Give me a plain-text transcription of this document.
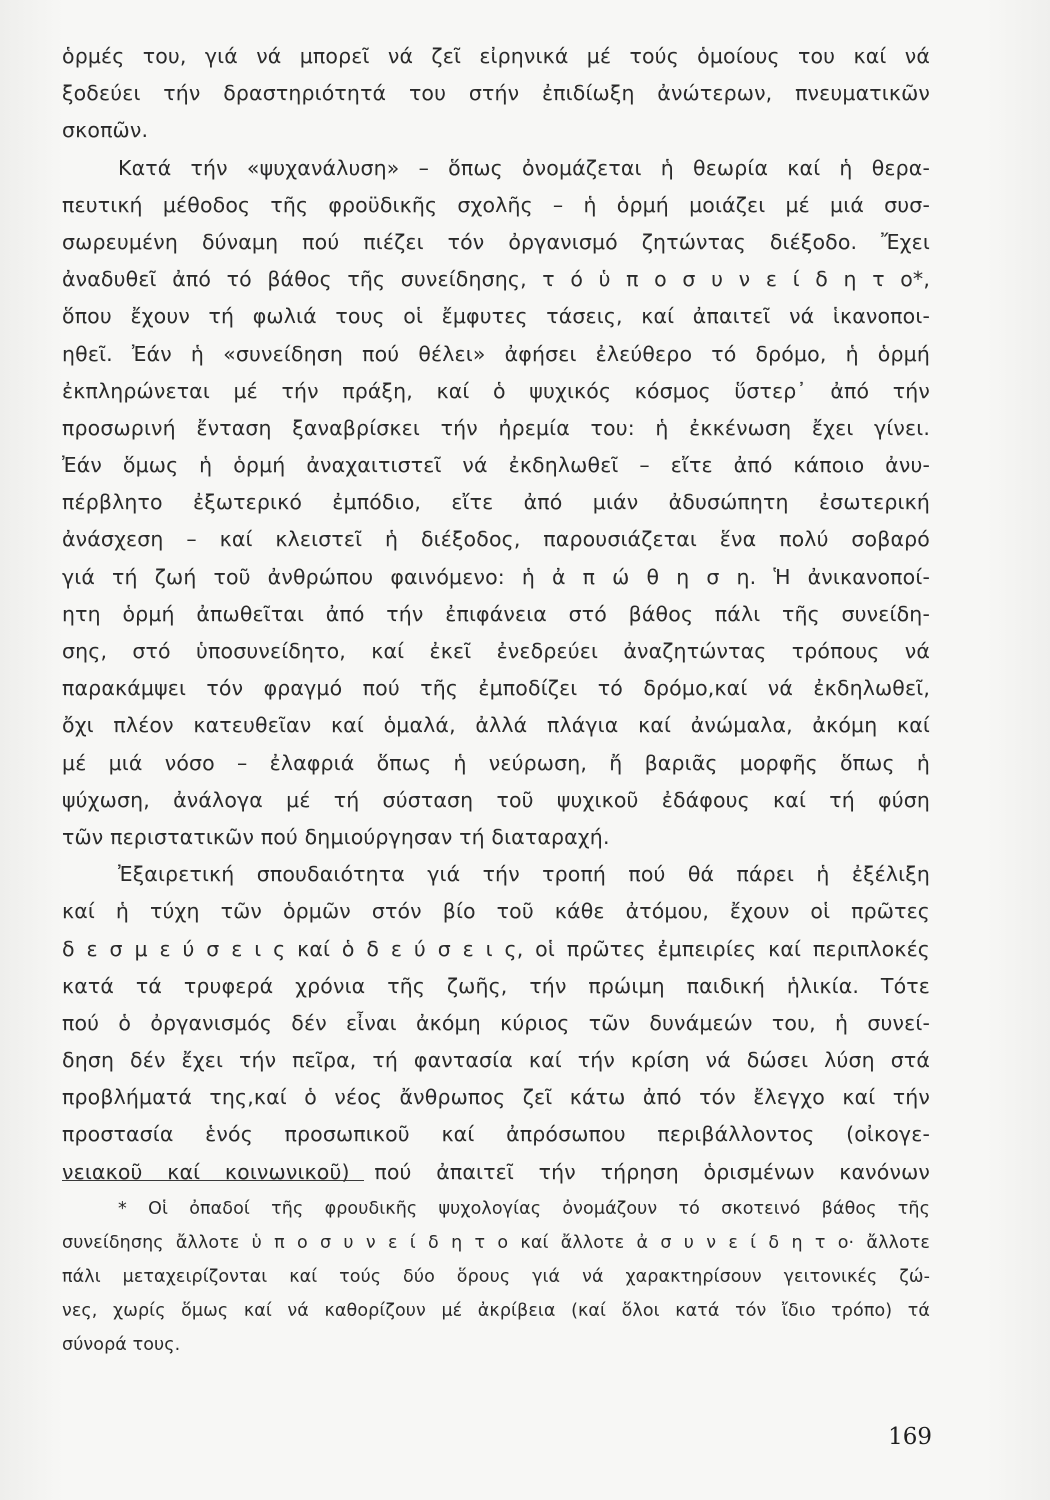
ὁρμές του, γιά νά μπορεῖ νά ζεῖ εἰρηνικά μέ τούς ὁμοίους του καί νά
ξοδεύει τήν δραστηριότητά του στήν ἐπιδίωξη ἀνώτερων, πνευματικῶν
σκοπῶν.
Κατά τήν «ψυχανάλυση» – ὅπως ὀνομάζεται ἡ θεωρία καί ἡ θερα-
πευτική μέθοδος τῆς φροϋδικῆς σχολῆς – ἡ ὁρμή μοιάζει μέ μιά συσ-
σωρευμένη δύναμη πού πιέζει τόν ὀργανισμό ζητώντας διέξοδο. Ἔχει
ἀναδυθεῖ ἀπό τό βάθος τῆς συνείδησης, τ ό ὑ π ο σ υ ν ε ί δ η τ ο*,
ὅπου ἔχουν τή φωλιά τους οἱ ἔμφυτες τάσεις, καί ἀπαιτεῖ νά ἱκανοποι-
ηθεῖ. Ἐάν ἡ «συνείδηση πού θέλει» ἀφήσει ἐλεύθερο τό δρόμο, ἡ ὁρμή
ἐκπληρώνεται μέ τήν πράξη, καί ὁ ψυχικός κόσμος ὕστερ᾽ ἀπό τήν
προσωρινή ἔνταση ξαναβρίσκει τήν ἠρεμία του: ἡ ἐκκένωση ἔχει γίνει.
Ἐάν ὅμως ἡ ὁρμή ἀναχαιτιστεῖ νά ἐκδηλωθεῖ – εἴτε ἀπό κάποιο ἀνυ-
πέρβλητο ἐξωτερικό ἐμπόδιο, εἴτε ἀπό μιάν ἀδυσώπητη ἐσωτερική
ἀνάσχεση – καί κλειστεῖ ἡ διέξοδος, παρουσιάζεται ἕνα πολύ σοβαρό
γιά τή ζωή τοῦ ἀνθρώπου φαινόμενο: ἡ ἀ π ώ θ η σ η. Ἡ ἀνικανοποί-
ητη ὁρμή ἀπωθεῖται ἀπό τήν ἐπιφάνεια στό βάθος πάλι τῆς συνείδη-
σης, στό ὑποσυνείδητο, καί ἐκεῖ ἐνεδρεύει ἀναζητώντας τρόπους νά
παρακάμψει τόν φραγμό πού τῆς ἐμποδίζει τό δρόμο,καί νά ἐκδηλωθεῖ,
ὄχι πλέον κατευθεῖαν καί ὁμαλά, ἀλλά πλάγια καί ἀνώμαλα, ἀκόμη καί
μέ μιά νόσο – ἐλαφριά ὅπως ἡ νεύρωση, ἤ βαριᾶς μορφῆς ὅπως ἡ
ψύχωση, ἀνάλογα μέ τή σύσταση τοῦ ψυχικοῦ ἐδάφους καί τή φύση
τῶν περιστατικῶν πού δημιούργησαν τή διαταραχή.
Ἐξαιρετική σπουδαιότητα γιά τήν τροπή πού θά πάρει ἡ ἐξέλιξη
καί ἡ τύχη τῶν ὁρμῶν στόν βίο τοῦ κάθε ἀτόμου, ἔχουν οἱ πρῶτες
δ ε σ μ ε ύ σ ε ι ς καί ὁ δ ε ύ σ ε ι ς, οἱ πρῶτες ἐμπειρίες καί περιπλοκές
κατά τά τρυφερά χρόνια τῆς ζωῆς, τήν πρώιμη παιδική ἡλικία. Τότε
πού ὁ ὀργανισμός δέν εἶναι ἀκόμη κύριος τῶν δυνάμεών του, ἡ συνεί-
δηση δέν ἔχει τήν πεῖρα, τή φαντασία καί τήν κρίση νά δώσει λύση στά
προβλήματά της,καί ὁ νέος ἄνθρωπος ζεῖ κάτω ἀπό τόν ἔλεγχο καί τήν
προστασία ἑνός προσωπικοῦ καί ἀπρόσωπου περιβάλλοντος (οἰκογε-
νειακοῦ καί κοινωνικοῦ) πού ἀπαιτεῖ τήν τήρηση ὁρισμένων κανόνων
* Οἱ ὀπαδοί τῆς φρουδικῆς ψυχολογίας ὀνομάζουν τό σκοτεινό βάθος τῆς
συνείδησης ἄλλοτε ὑ π ο σ υ ν ε ί δ η τ ο καί ἄλλοτε ἀ σ υ ν ε ί δ η τ ο· ἄλλοτε
πάλι μεταχειρίζονται καί τούς δύο ὅρους γιά νά χαρακτηρίσουν γειτονικές ζώ-
νες, χωρίς ὅμως καί νά καθορίζουν μέ ἀκρίβεια (καί ὅλοι κατά τόν ἴδιο τρόπο) τά
σύνορά τους.
169
